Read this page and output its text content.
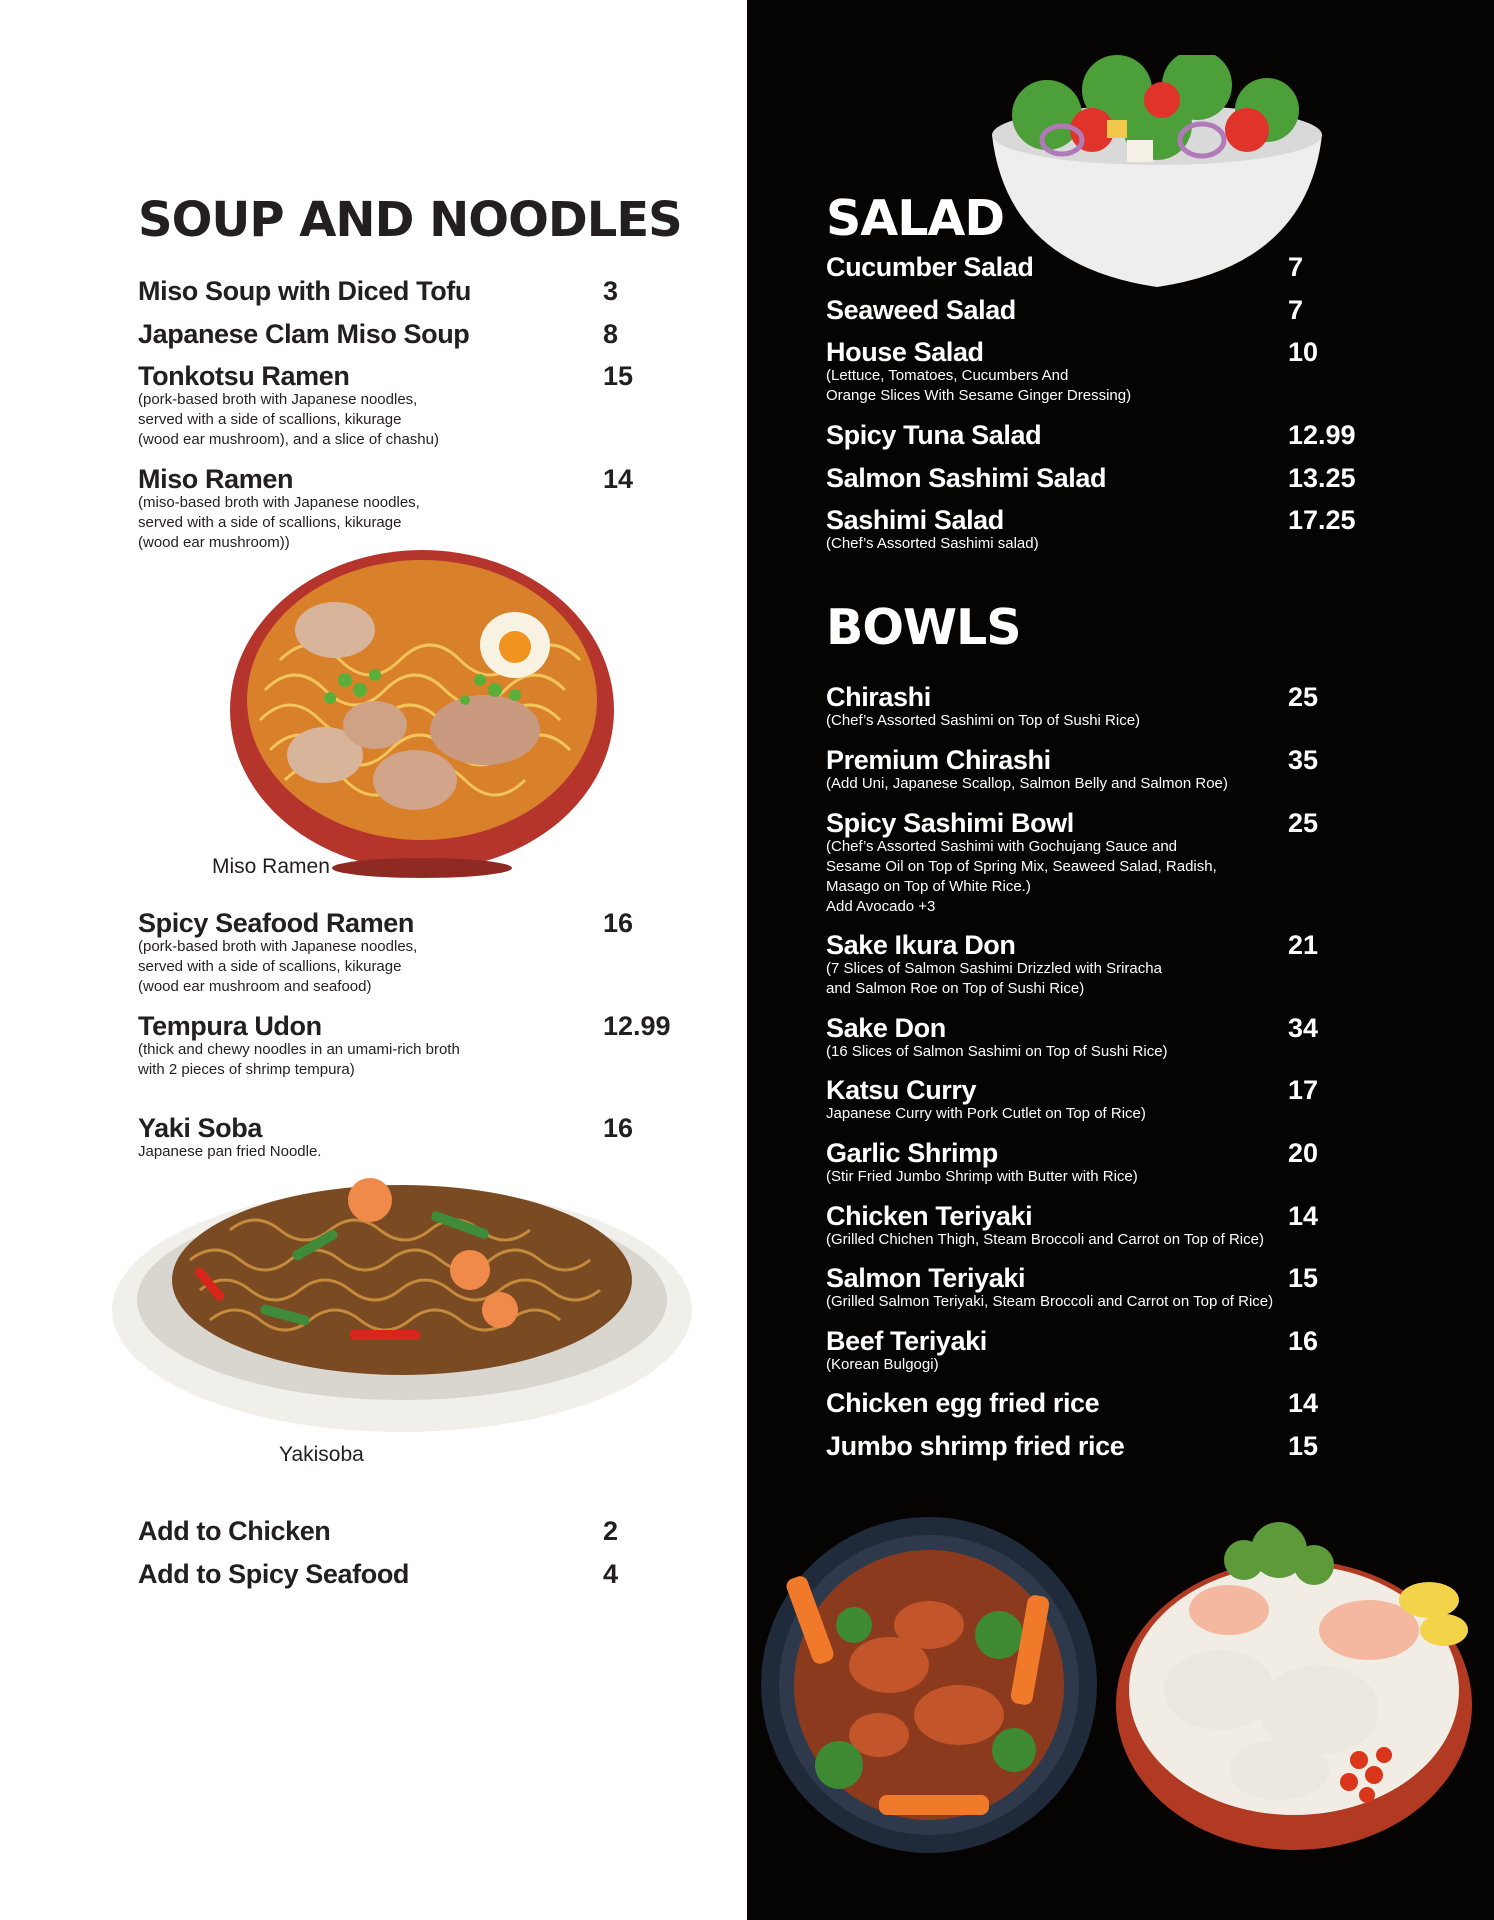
SOUP AND NOODLES
Miso Soup with Diced Tofu	3
Japanese Clam Miso Soup	8
Tonkotsu Ramen	15
(pork-based broth with Japanese noodles,
served with a side of scallions, kikurage
(wood ear mushroom), and a slice of chashu)
Miso Ramen	14
(miso-based broth with Japanese noodles,
served with a side of scallions, kikurage
(wood ear mushroom))
Miso Ramen
Spicy Seafood Ramen	16
(pork-based broth with Japanese noodles,
served with a side of scallions, kikurage
(wood ear mushroom and seafood)
Tempura Udon	12.99
(thick and chewy noodles in an umami-rich broth
with 2 pieces of shrimp tempura)
Yaki Soba	16
Japanese pan fried Noodle.
Yakisoba
Add to Chicken	2
Add to Spicy Seafood	4
SALAD
Cucumber Salad	7
Seaweed Salad	7
House Salad	10
(Lettuce, Tomatoes, Cucumbers And
Orange Slices With Sesame Ginger Dressing)
Spicy Tuna Salad	12.99
Salmon Sashimi Salad	13.25
Sashimi Salad	17.25
(Chef’s Assorted Sashimi salad)
BOWLS
Chirashi	25
(Chef’s Assorted Sashimi on Top of Sushi Rice)
Premium Chirashi	35
(Add Uni, Japanese Scallop, Salmon Belly and Salmon Roe)
Spicy Sashimi Bowl	25
(Chef’s Assorted Sashimi with Gochujang Sauce and
Sesame Oil on Top of Spring Mix, Seaweed Salad, Radish,
Masago on Top of White Rice.)
Add Avocado +3
Sake Ikura Don	21
(7 Slices of Salmon Sashimi Drizzled with Sriracha
and Salmon Roe on Top of Sushi Rice)
Sake Don	34
(16 Slices of Salmon Sashimi on Top of Sushi Rice)
Katsu Curry	17
Japanese Curry with Pork Cutlet on Top of Rice)
Garlic Shrimp	20
(Stir Fried Jumbo Shrimp with Butter with Rice)
Chicken Teriyaki	14
(Grilled Chichen Thigh, Steam Broccoli and Carrot on Top of Rice)
Salmon Teriyaki	15
(Grilled Salmon Teriyaki, Steam Broccoli and Carrot on Top of Rice)
Beef Teriyaki	16
(Korean Bulgogi)
Chicken egg fried rice	14
Jumbo shrimp fried rice	15
